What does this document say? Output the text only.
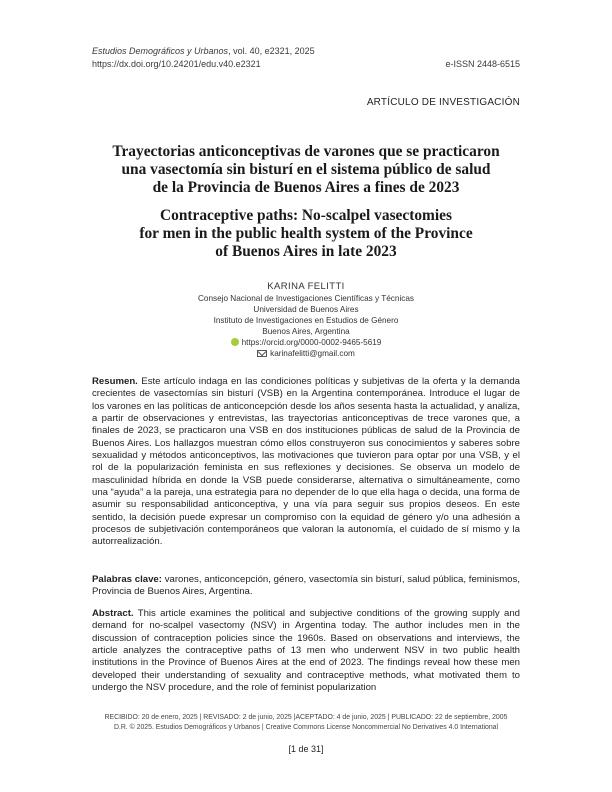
Estudios Demográficos y Urbanos, vol. 40, e2321, 2025
https://dx.doi.org/10.24201/edu.v40.e2321	e-ISSN 2448-6515
ARTÍCULO DE INVESTIGACIÓN
Trayectorias anticonceptivas de varones que se practicaron
una vasectomía sin bisturí en el sistema público de salud
de la Provincia de Buenos Aires a fines de 2023
Contraceptive paths: No-scalpel vasectomies
for men in the public health system of the Province
of Buenos Aires in late 2023
KARINA FELITTI
Consejo Nacional de Investigaciones Científicas y Técnicas
Universidad de Buenos Aires
Instituto de Investigaciones en Estudios de Género
Buenos Aires, Argentina
https://orcid.org/0000-0002-9465-5619
karinafelitti@gmail.com
Resumen. Este artículo indaga en las condiciones políticas y subjetivas de la oferta y la demanda crecientes de vasectomías sin bisturí (VSB) en la Argentina contemporánea. Introduce el lugar de los varones en las políticas de anticoncepción desde los años sesenta hasta la actualidad, y analiza, a partir de observaciones y entrevistas, las trayectorias anticonceptivas de trece varones que, a finales de 2023, se practicaron una VSB en dos instituciones públicas de salud de la Provincia de Buenos Aires. Los hallazgos muestran cómo ellos construyeron sus conocimientos y saberes sobre sexualidad y métodos anticonceptivos, las motivaciones que tuvieron para optar por una VSB, y el rol de la popularización feminista en sus reflexiones y decisiones. Se observa un modelo de masculinidad híbrida en donde la VSB puede considerarse, alternativa o simultáneamente, como una “ayuda” a la pareja, una estrategia para no depender de lo que ella haga o decida, una forma de asumir su responsabilidad anticonceptiva, y una vía para seguir sus propios deseos. En este sentido, la decisión puede expresar un compromiso con la equidad de género y/o una adhesión a procesos de subjetivación contemporáneos que valoran la autonomía, el cuidado de sí mismo y la autorrealización.
Palabras clave: varones, anticoncepción, género, vasectomía sin bisturí, salud pública, feminismos, Provincia de Buenos Aires, Argentina.
Abstract. This article examines the political and subjective conditions of the growing supply and demand for no-scalpel vasectomy (NSV) in Argentina today. The author includes men in the discussion of contraception policies since the 1960s. Based on observations and interviews, the article analyzes the contraceptive paths of 13 men who underwent NSV in two public health institutions in the Province of Buenos Aires at the end of 2023. The findings reveal how these men developed their understanding of sexuality and contraceptive methods, what motivated them to undergo the NSV procedure, and the role of feminist popularization
RECIBIDO: 20 de enero, 2025 | REVISADO: 2 de junio, 2025 |ACEPTADO: 4 de junio, 2025 | PUBLICADO: 22 de septiembre, 2005
D.R. © 2025. Estudios Demográficos y Urbanos | Creative Commons License Noncommercial No Derivatives 4.0 International
[1 de 31]
